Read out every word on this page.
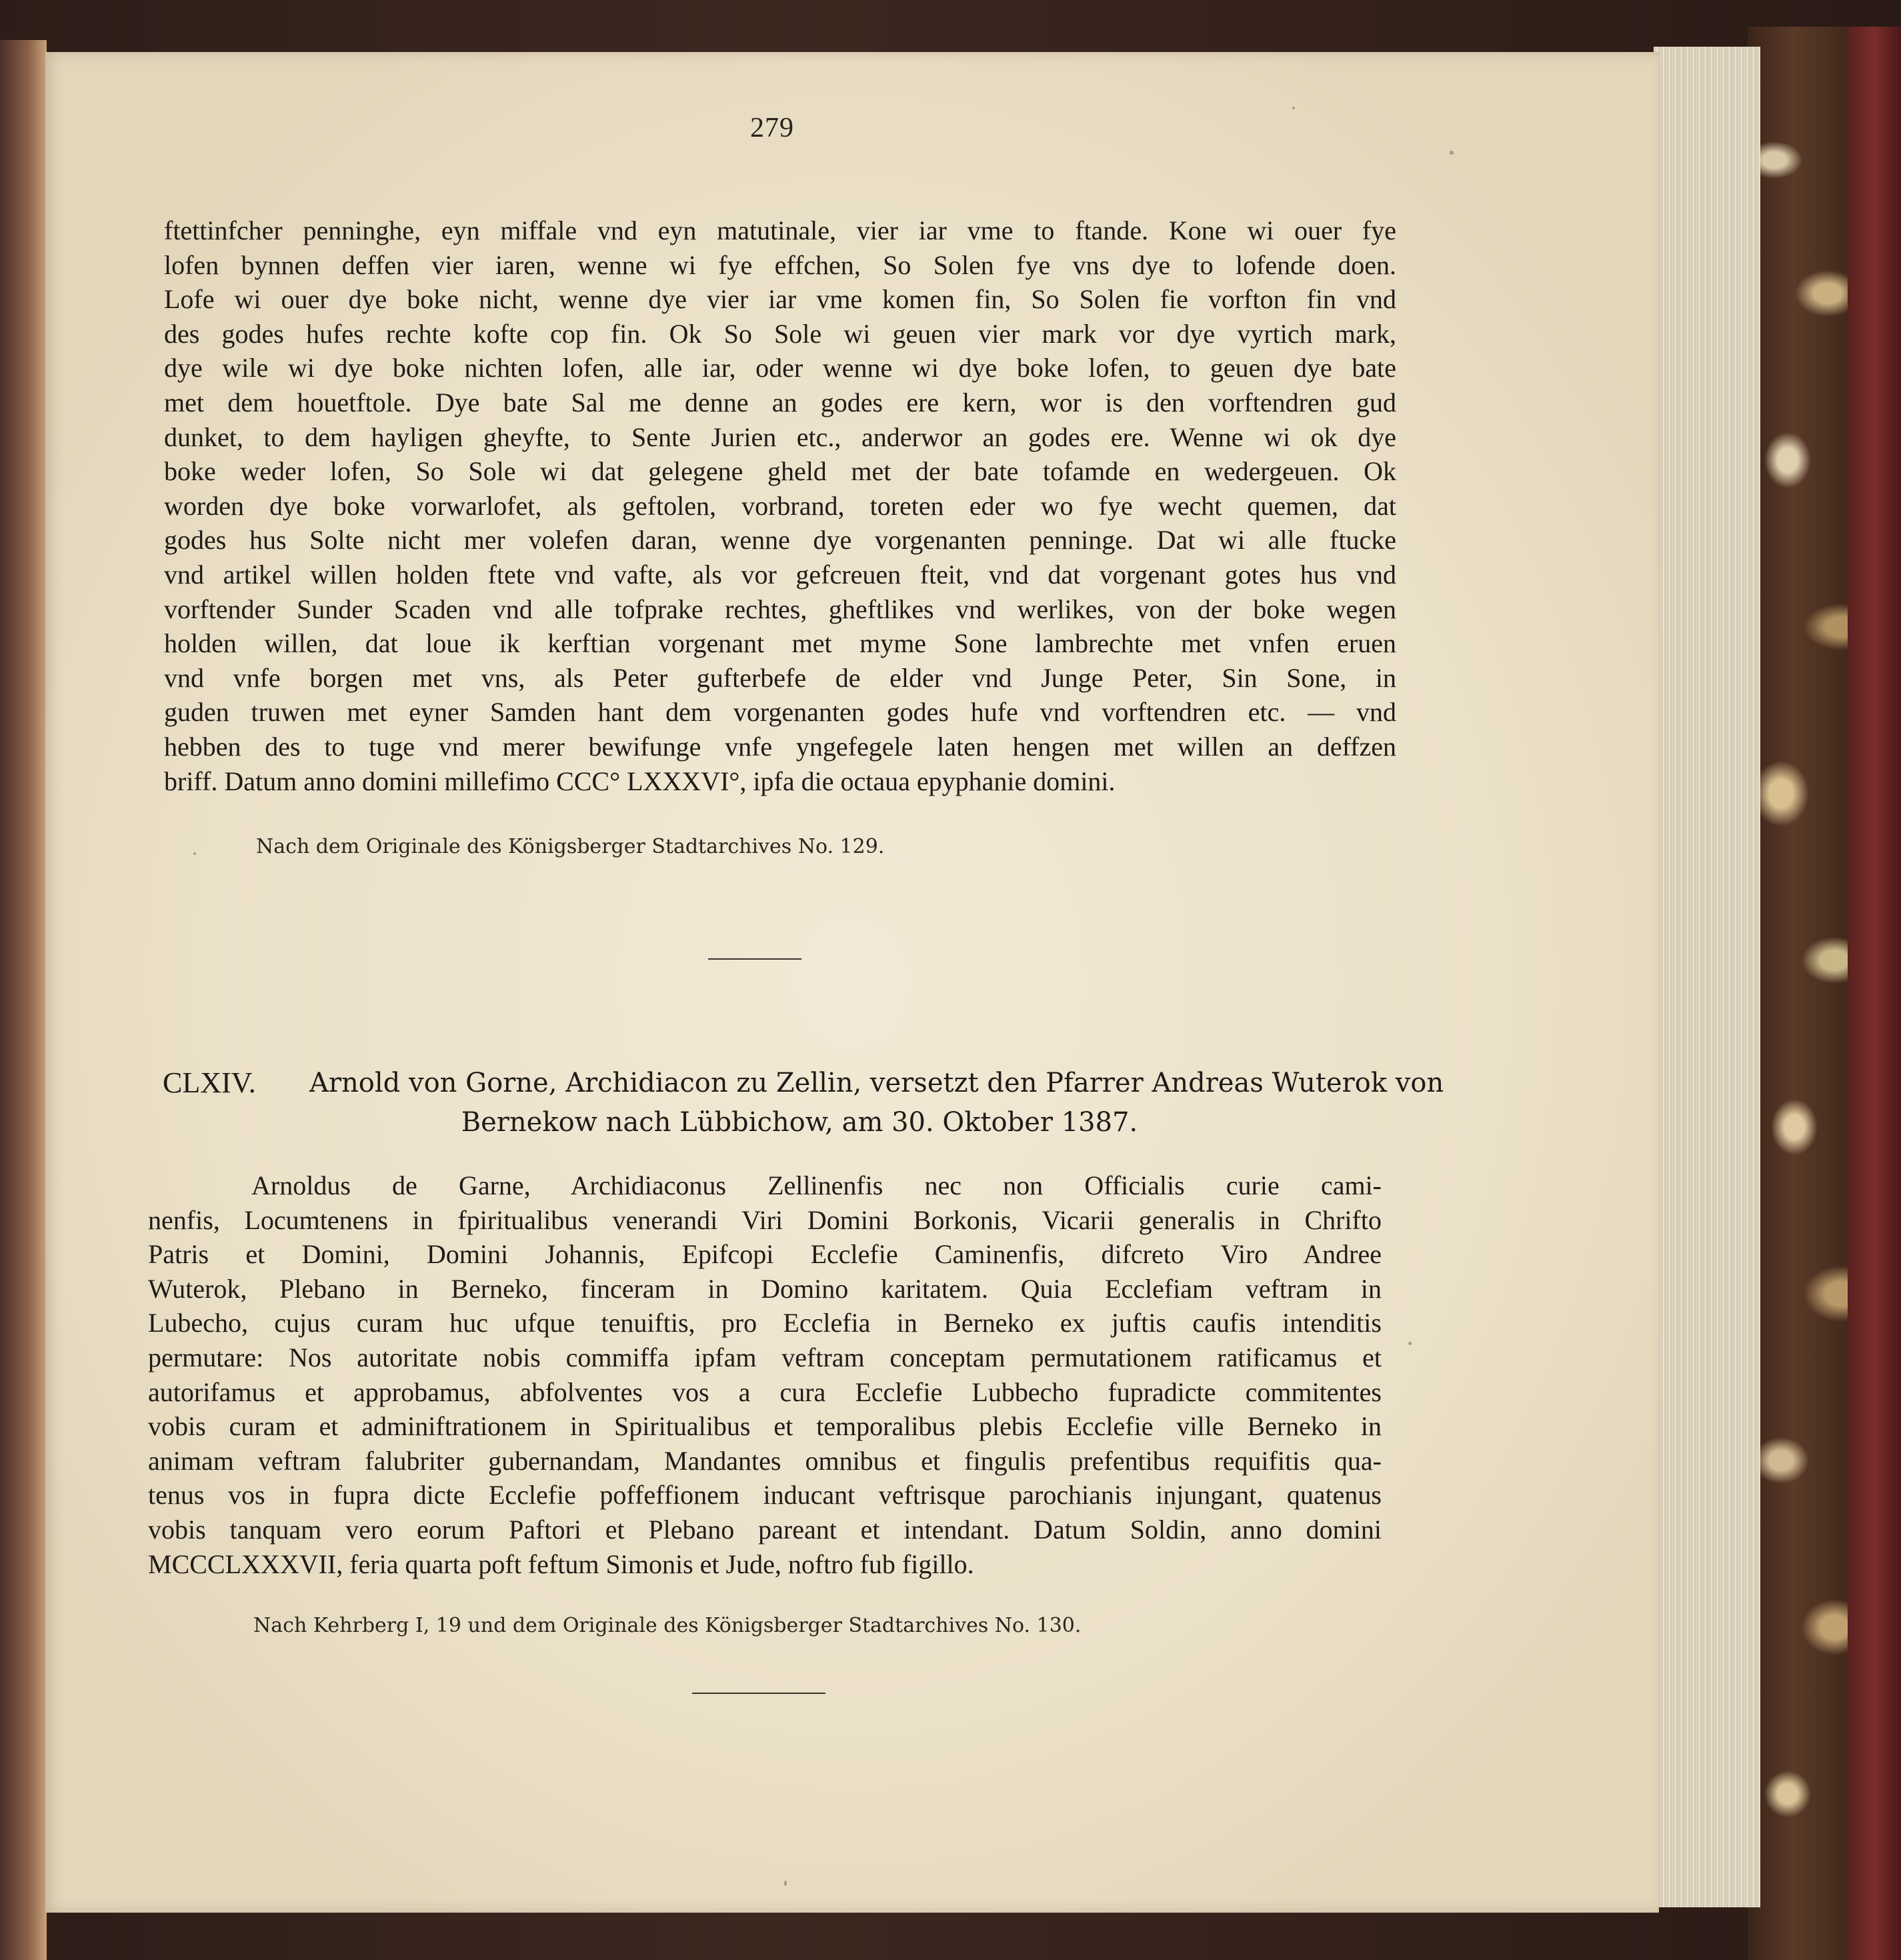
279
ftettinfcher penninghe, eyn miffale vnd eyn matutinale, vier iar vme to ftande. Kone wi ouer fye
lofen bynnen deffen vier iaren, wenne wi fye effchen, So Solen fye vns dye to lofende doen.
Lofe wi ouer dye boke nicht, wenne dye vier iar vme komen fin, So Solen fie vorfton fin vnd
des godes hufes rechte kofte cop fin. Ok So Sole wi geuen vier mark vor dye vyrtich mark,
dye wile wi dye boke nichten lofen, alle iar, oder wenne wi dye boke lofen, to geuen dye bate
met dem houetftole. Dye bate Sal me denne an godes ere kern, wor is den vorftendren gud
dunket, to dem hayligen gheyfte, to Sente Jurien etc., anderwor an godes ere. Wenne wi ok dye
boke weder lofen, So Sole wi dat gelegene gheld met der bate tofamde en wedergeuen. Ok
worden dye boke vorwarlofet, als geftolen, vorbrand, toreten eder wo fye wecht quemen, dat
godes hus Solte nicht mer volefen daran, wenne dye vorgenanten penninge. Dat wi alle ftucke
vnd artikel willen holden ftete vnd vafte, als vor gefcreuen fteit, vnd dat vorgenant gotes hus vnd
vorftender Sunder Scaden vnd alle tofprake rechtes, gheftlikes vnd werlikes, von der boke wegen
holden willen, dat loue ik kerftian vorgenant met myme Sone lambrechte met vnfen eruen
vnd vnfe borgen met vns, als Peter gufterbefe de elder vnd Junge Peter, Sin Sone, in
guden truwen met eyner Samden hant dem vorgenanten godes hufe vnd vorftendren etc. — vnd
hebben des to tuge vnd merer bewifunge vnfe yngefegele laten hengen met willen an deffzen
briff. Datum anno domini millefimo CCC° LXXXVI°, ipfa die octaua epyphanie domini.
Nach dem Originale des Königsberger Stadtarchives No. 129.
CLXIV.	Arnold von Gorne, Archidiacon zu Zellin, versetzt den Pfarrer Andreas Wuterok von
Bernekow nach Lübbichow, am 30. Oktober 1387.
Arnoldus de Garne, Archidiaconus Zellinenfis nec non Officialis curie cami-
nenfis, Locumtenens in fpiritualibus venerandi Viri Domini Borkonis, Vicarii generalis in Chrifto
Patris et Domini, Domini Johannis, Epifcopi Ecclefie Caminenfis, difcreto Viro Andree
Wuterok, Plebano in Berneko, finceram in Domino karitatem. Quia Ecclefiam veftram in
Lubecho, cujus curam huc ufque tenuiftis, pro Ecclefia in Berneko ex juftis caufis intenditis
permutare: Nos autoritate nobis commiffa ipfam veftram conceptam permutationem ratificamus et
autorifamus et approbamus, abfolventes vos a cura Ecclefie Lubbecho fupradicte commitentes
vobis curam et adminiftrationem in Spiritualibus et temporalibus plebis Ecclefie ville Berneko in
animam veftram falubriter gubernandam, Mandantes omnibus et fingulis prefentibus requifitis qua-
tenus vos in fupra dicte Ecclefie poffeffionem inducant veftrisque parochianis injungant, quatenus
vobis tanquam vero eorum Paftori et Plebano pareant et intendant. Datum Soldin, anno domini
MCCCLXXXVII, feria quarta poft feftum Simonis et Jude, noftro fub figillo.
Nach Kehrberg I, 19 und dem Originale des Königsberger Stadtarchives No. 130.
